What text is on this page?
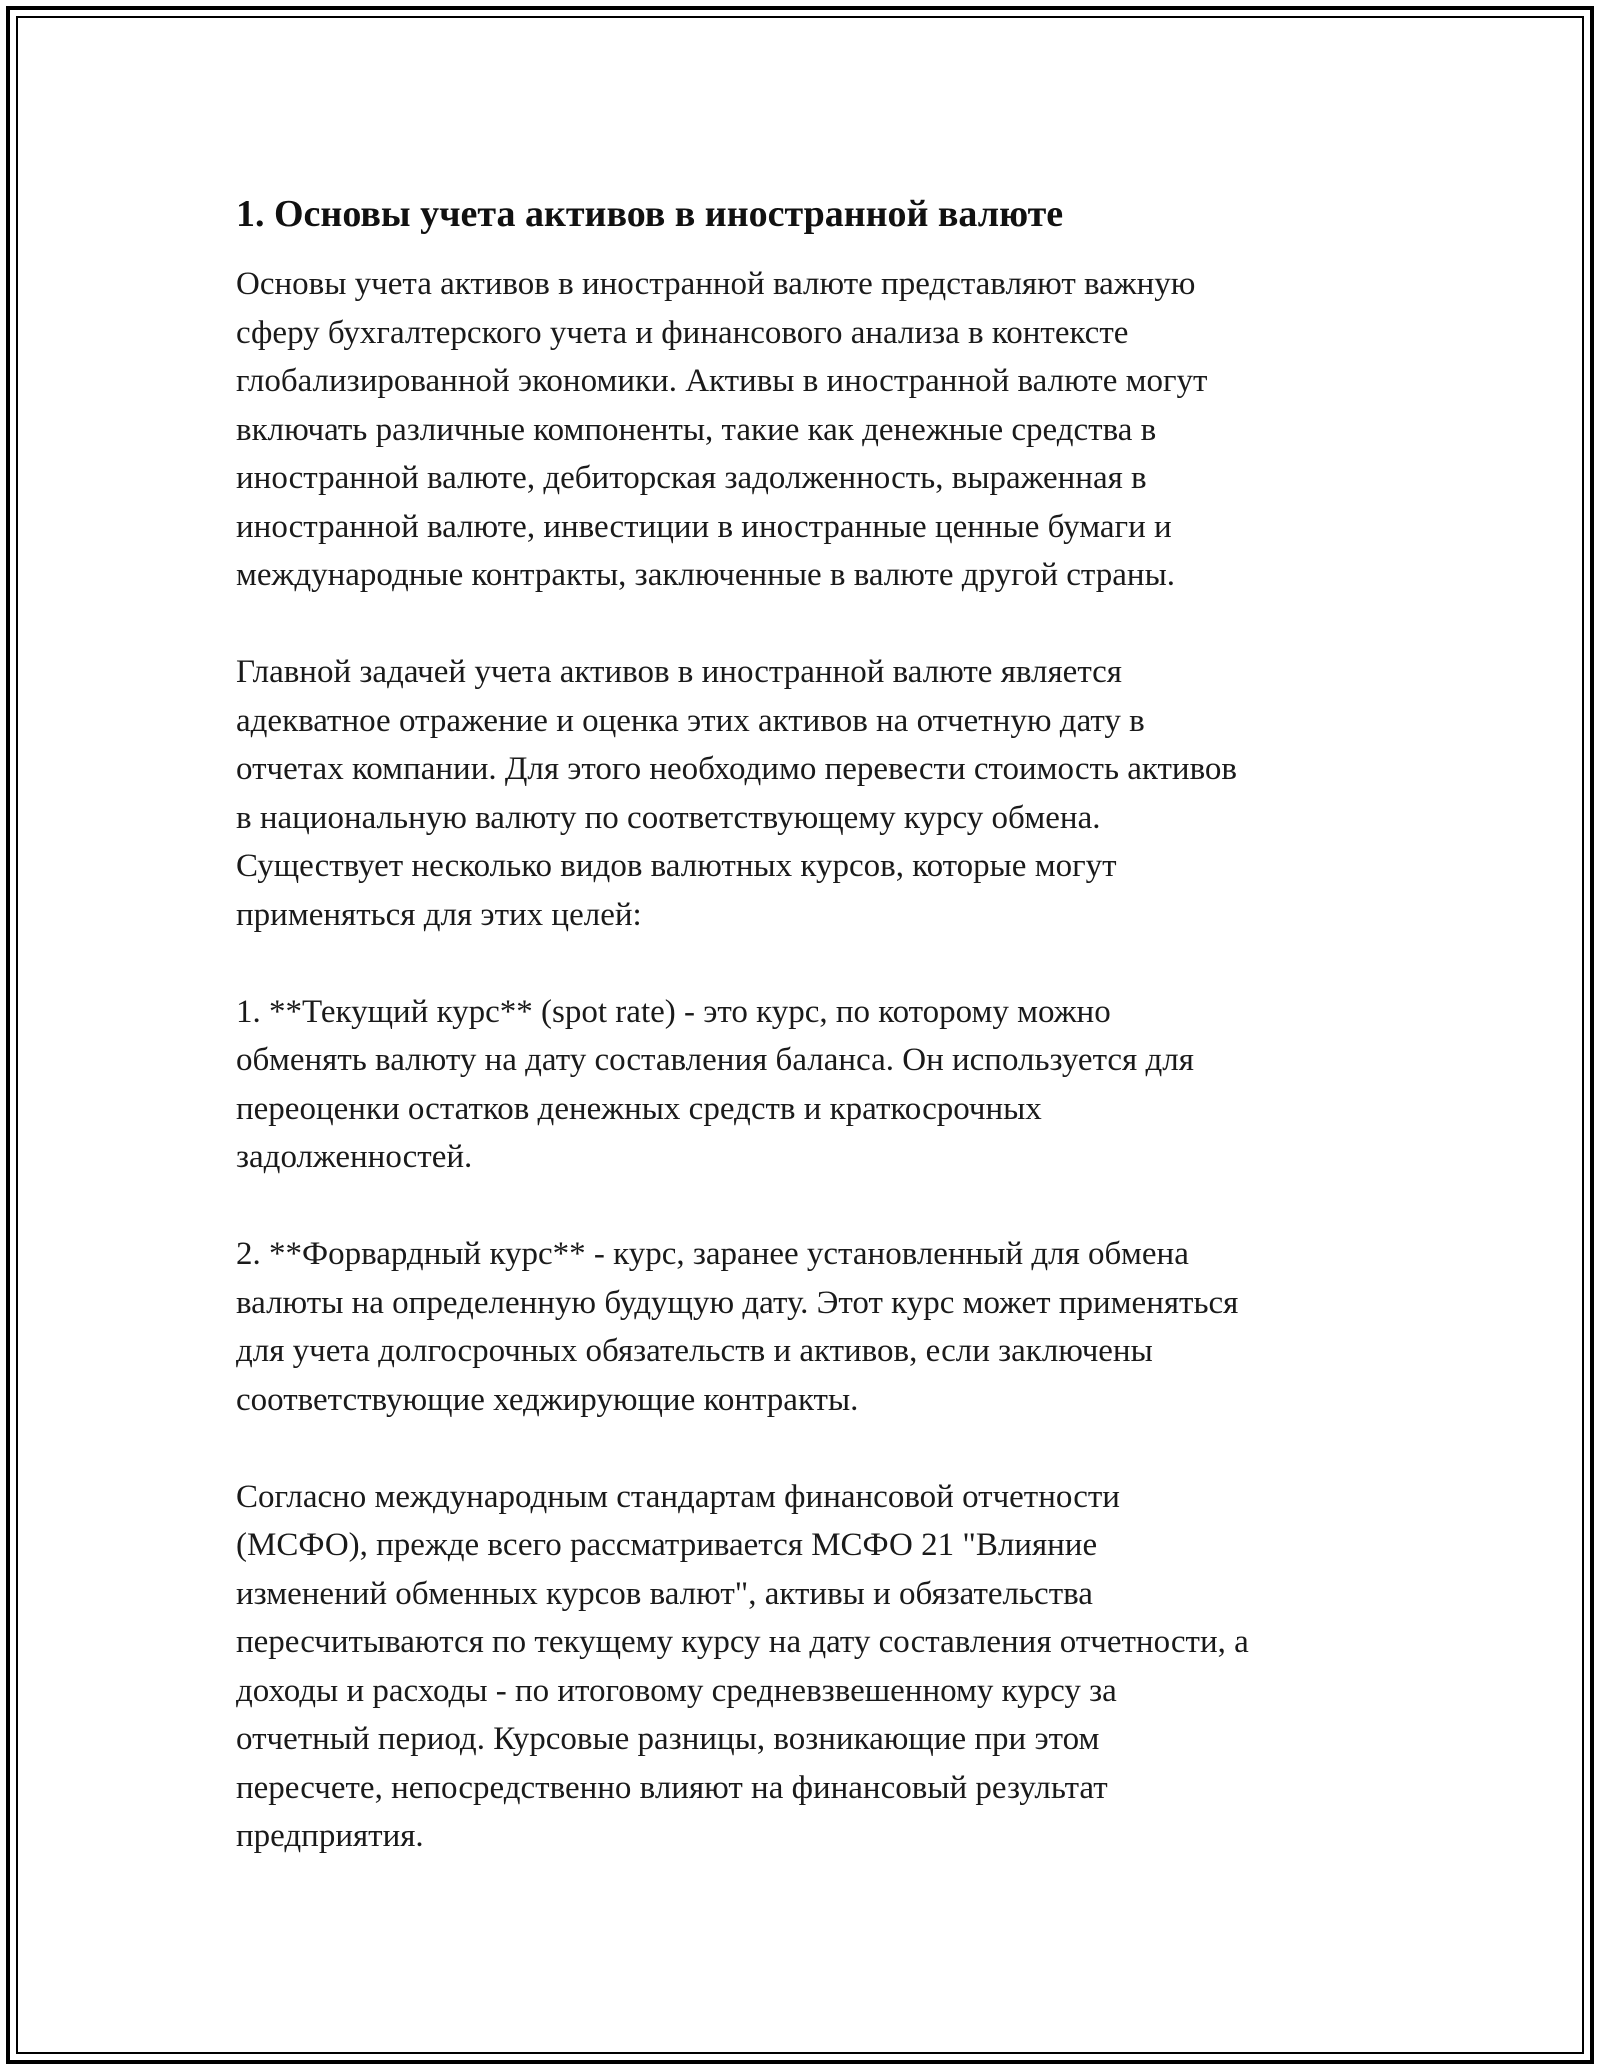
1. Основы учета активов в иностранной валюте

Основы учета активов в иностранной валюте представляют важную
сферу бухгалтерского учета и финансового анализа в контексте
глобализированной экономики. Активы в иностранной валюте могут
включать различные компоненты, такие как денежные средства в
иностранной валюте, дебиторская задолженность, выраженная в
иностранной валюте, инвестиции в иностранные ценные бумаги и
международные контракты, заключенные в валюте другой страны.

Главной задачей учета активов в иностранной валюте является
адекватное отражение и оценка этих активов на отчетную дату в
отчетах компании. Для этого необходимо перевести стоимость активов
в национальную валюту по соответствующему курсу обмена.
Существует несколько видов валютных курсов, которые могут
применяться для этих целей:

1. **Текущий курс** (spot rate) - это курс, по которому можно
обменять валюту на дату составления баланса. Он используется для
переоценки остатков денежных средств и краткосрочных
задолженностей.

2. **Форвардный курс** - курс, заранее установленный для обмена
валюты на определенную будущую дату. Этот курс может применяться
для учета долгосрочных обязательств и активов, если заключены
соответствующие хеджирующие контракты.

Согласно международным стандартам финансовой отчетности
(МСФО), прежде всего рассматривается МСФО 21 "Влияние
изменений обменных курсов валют", активы и обязательства
пересчитываются по текущему курсу на дату составления отчетности, а
доходы и расходы - по итоговому средневзвешенному курсу за
отчетный период. Курсовые разницы, возникающие при этом
пересчете, непосредственно влияют на финансовый результат
предприятия.
